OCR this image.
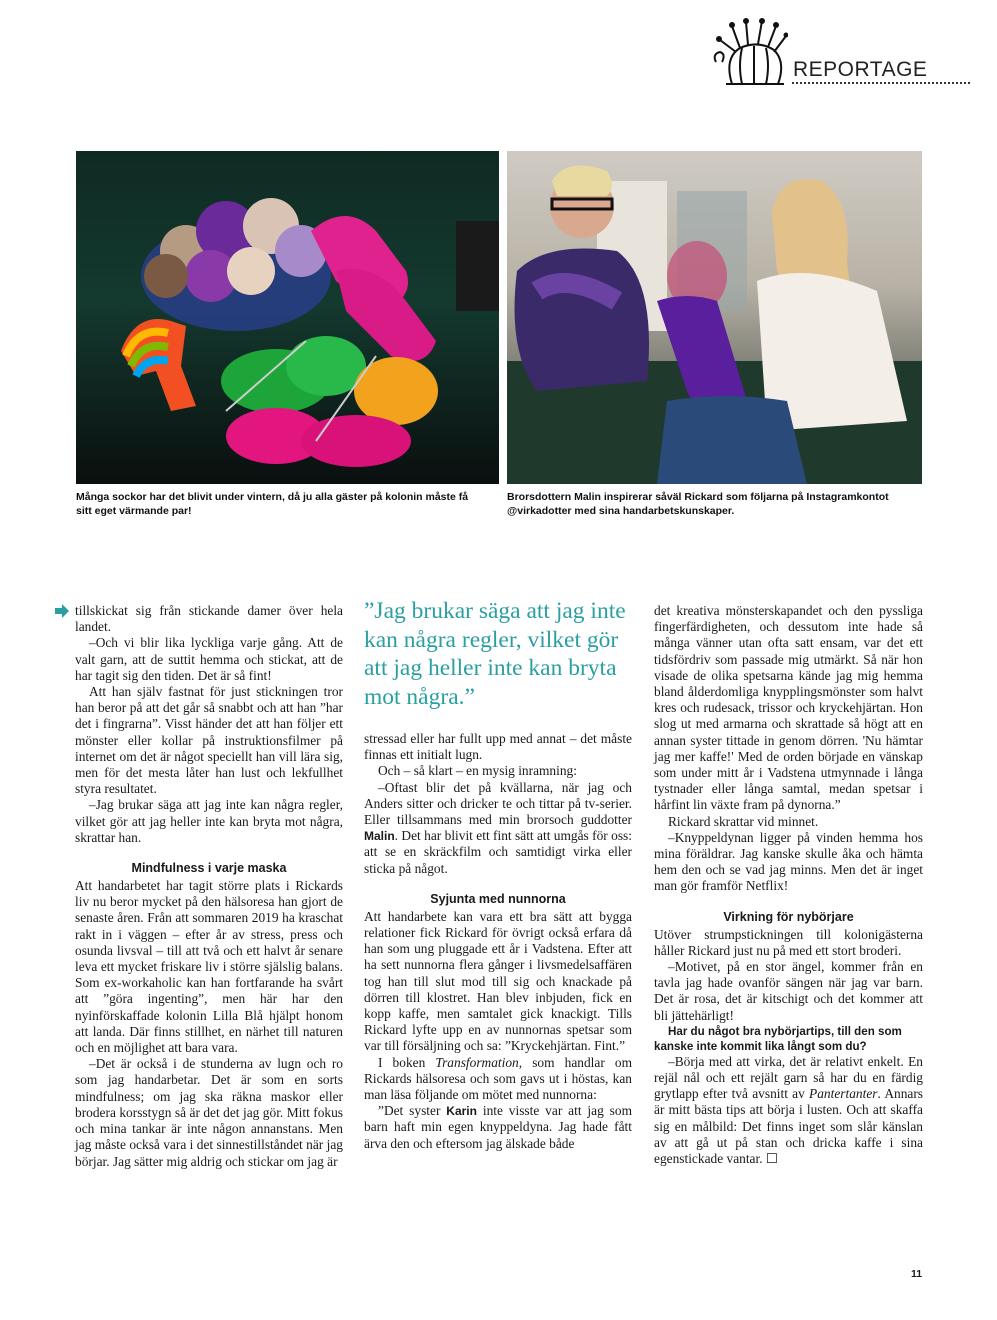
REPORTAGE
Många sockor har det blivit under vintern, då ju alla gäster på kolonin måste få sitt eget värmande par!
Brorsdottern Malin inspirerar såväl Rickard som följarna på Instagramkontot @virkadotter med sina handarbetskunskaper.

tillskickat sig från stickande damer över hela landet.

–Och vi blir lika lyckliga varje gång. Att de valt garn, att de suttit hemma och stickat, att de har tagit sig den tiden. Det är så fint!

Att han själv fastnat för just stickningen tror han beror på att det går så snabbt och att han ”har det i fingrarna”. Visst händer det att han följer ett mönster eller kollar på instruktionsfilmer på internet om det är något speciellt han vill lära sig, men för det mesta låter han lust och lekfullhet styra resultatet.

–Jag brukar säga att jag inte kan några regler, vilket gör att jag heller inte kan bryta mot några, skrattar han.

Mindfulness i varje maska

Att handarbetet har tagit större plats i Rickards liv nu beror mycket på den hälsoresa han gjort de senaste åren. Från att sommaren 2019 ha kraschat rakt in i väggen – efter år av stress, press och osunda livsval – till att två och ett halvt år senare leva ett mycket friskare liv i större själslig balans. Som ex-workaholic kan han fortfarande ha svårt att ”göra ingenting”, men här har den nyinförskaffade kolonin Lilla Blå hjälpt honom att landa. Där finns stillhet, en närhet till naturen och en möjlighet att bara vara.

–Det är också i de stunderna av lugn och ro som jag handarbetar. Det är som en sorts mindfulness; om jag ska räkna maskor eller brodera korsstygn så är det det jag gör. Mitt fokus och mina tankar är inte någon annanstans. Men jag måste också vara i det sinnestillståndet när jag börjar. Jag sätter mig aldrig och stickar om jag är

”Jag brukar säga att jag inte kan några regler, vilket gör att jag heller inte kan bryta mot några.”

stressad eller har fullt upp med annat – det måste finnas ett initialt lugn.

Och – så klart – en mysig inramning:

–Oftast blir det på kvällarna, när jag och Anders sitter och dricker te och tittar på tv-serier. Eller tillsammans med min brorsoch guddotter Malin. Det har blivit ett fint sätt att umgås för oss: att se en skräckfilm och samtidigt virka eller sticka på något.

Syjunta med nunnorna

Att handarbete kan vara ett bra sätt att bygga relationer fick Rickard för övrigt också erfara då han som ung pluggade ett år i Vadstena. Efter att ha sett nunnorna flera gånger i livsmedelsaffären tog han till slut mod till sig och knackade på dörren till klostret. Han blev inbjuden, fick en kopp kaffe, men samtalet gick knackigt. Tills Rickard lyfte upp en av nunnornas spetsar som var till försäljning och sa: ”Kryckehjärtan. Fint.”

I boken Transformation, som handlar om Rickards hälsoresa och som gavs ut i höstas, kan man läsa följande om mötet med nunnorna:

”Det syster Karin inte visste var att jag som barn haft min egen knyppeldyna. Jag hade fått ärva den och eftersom jag älskade både

det kreativa mönsterskapandet och den pyssliga fingerfärdigheten, och dessutom inte hade så många vänner utan ofta satt ensam, var det ett tidsfördriv som passade mig utmärkt. Så när hon visade de olika spetsarna kände jag mig hemma bland ålderdomliga knypplingsmönster som halvt kres och rudesack, trissor och kryckehjärtan. Hon slog ut med armarna och skrattade så högt att en annan syster tittade in genom dörren. 'Nu hämtar jag mer kaffe!' Med de orden började en vänskap som under mitt år i Vadstena utmynnade i långa tystnader eller långa samtal, medan spetsar i hårfint lin växte fram på dynorna.”

Rickard skrattar vid minnet.

–Knyppeldynan ligger på vinden hemma hos mina föräldrar. Jag kanske skulle åka och hämta hem den och se vad jag minns. Men det är inget man gör framför Netflix!

Virkning för nybörjare

Utöver strumpstickningen till kolonigästerna håller Rickard just nu på med ett stort broderi.

–Motivet, på en stor ängel, kommer från en tavla jag hade ovanför sängen när jag var barn. Det är rosa, det är kitschigt och det kommer att bli jättehärligt!

Har du något bra nybörjartips, till den som kanske inte kommit lika långt som du?

–Börja med att virka, det är relativt enkelt. En rejäl nål och ett rejält garn så har du en färdig grytlapp efter två avsnitt av Pantertanter. Annars är mitt bästa tips att börja i lusten. Och att skaffa sig en målbild: Det finns inget som slår känslan av att gå ut på stan och dricka kaffe i sina egenstickade vantar. ☐

11
